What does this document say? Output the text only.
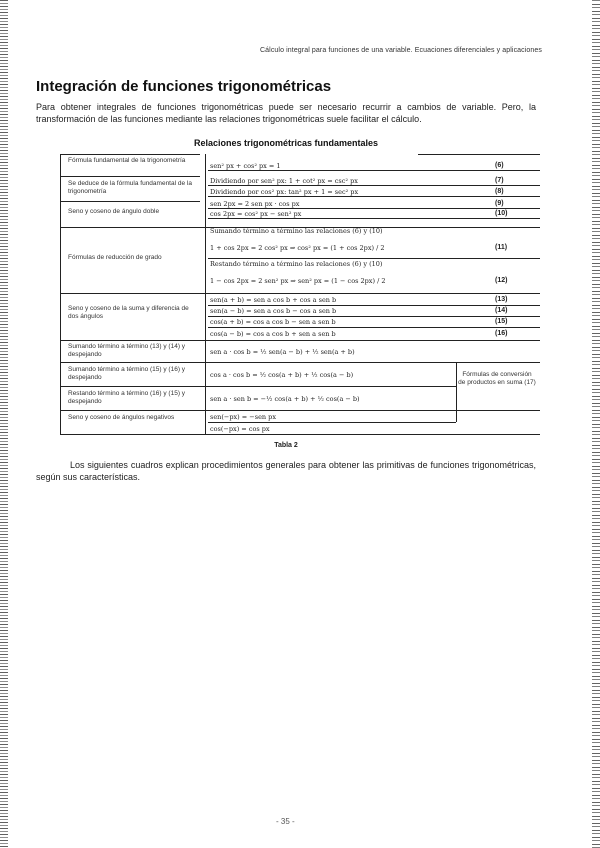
Cálculo integral para funciones de una variable. Ecuaciones diferenciales y aplicaciones
Integración de funciones trigonométricas

Para obtener integrales de funciones trigonométricas puede ser necesario recurrir a cambios de variable. Pero, la transformación de las funciones mediante las relaciones trigonométricas suele facilitar el cálculo.

Relaciones trigonométricas fundamentales
Fórmula fundamental de la trigonometría
Se deduce de la fórmula fundamental de la trigonometría
Seno y coseno de ángulo doble
Fórmulas de reducción de grado
Seno y coseno de la suma y diferencia de dos ángulos
Sumando término a término (13) y (14) y despejando
Sumando término a término (15) y (16) y despejando
Restando término a término (16) y (15) y despejando
Seno y coseno de ángulos negativos
sen² px + cos² px = 1
Dividiendo por sen² px: 1 + cot² px = csc² px
Dividiendo por cos² px: tan² px + 1 = sec² px
sen 2px = 2 sen px · cos px
cos 2px = cos² px − sen² px
Sumando término a término las relaciones (6) y (10)
1 + cos 2px = 2 cos² px ⇒ cos² px = (1 + cos 2px) / 2
Restando término a término las relaciones (6) y (10)
1 − cos 2px = 2 sen² px ⇒ sen² px = (1 − cos 2px) / 2
sen(a + b) = sen a cos b + cos a sen b
sen(a − b) = sen a cos b − cos a sen b
cos(a + b) = cos a cos b − sen a sen b
cos(a − b) = cos a cos b + sen a sen b
sen a · cos b = ½ sen(a − b) + ½ sen(a + b)
cos a · cos b = ½ cos(a + b) + ½ cos(a − b)
sen a · sen b = −½ cos(a + b) + ½ cos(a − b)
sen(−px) = −sen px
cos(−px) = cos px
(6)
(7)
(8)
(9)
(10)
(11)
(12)
(13)
(14)
(15)
(16)
Fórmulas de conversión de productos en suma (17)
Tabla 2

Los siguientes cuadros explican procedimientos generales para obtener las primitivas de funciones trigonométricas, según sus características.

- 35 -
